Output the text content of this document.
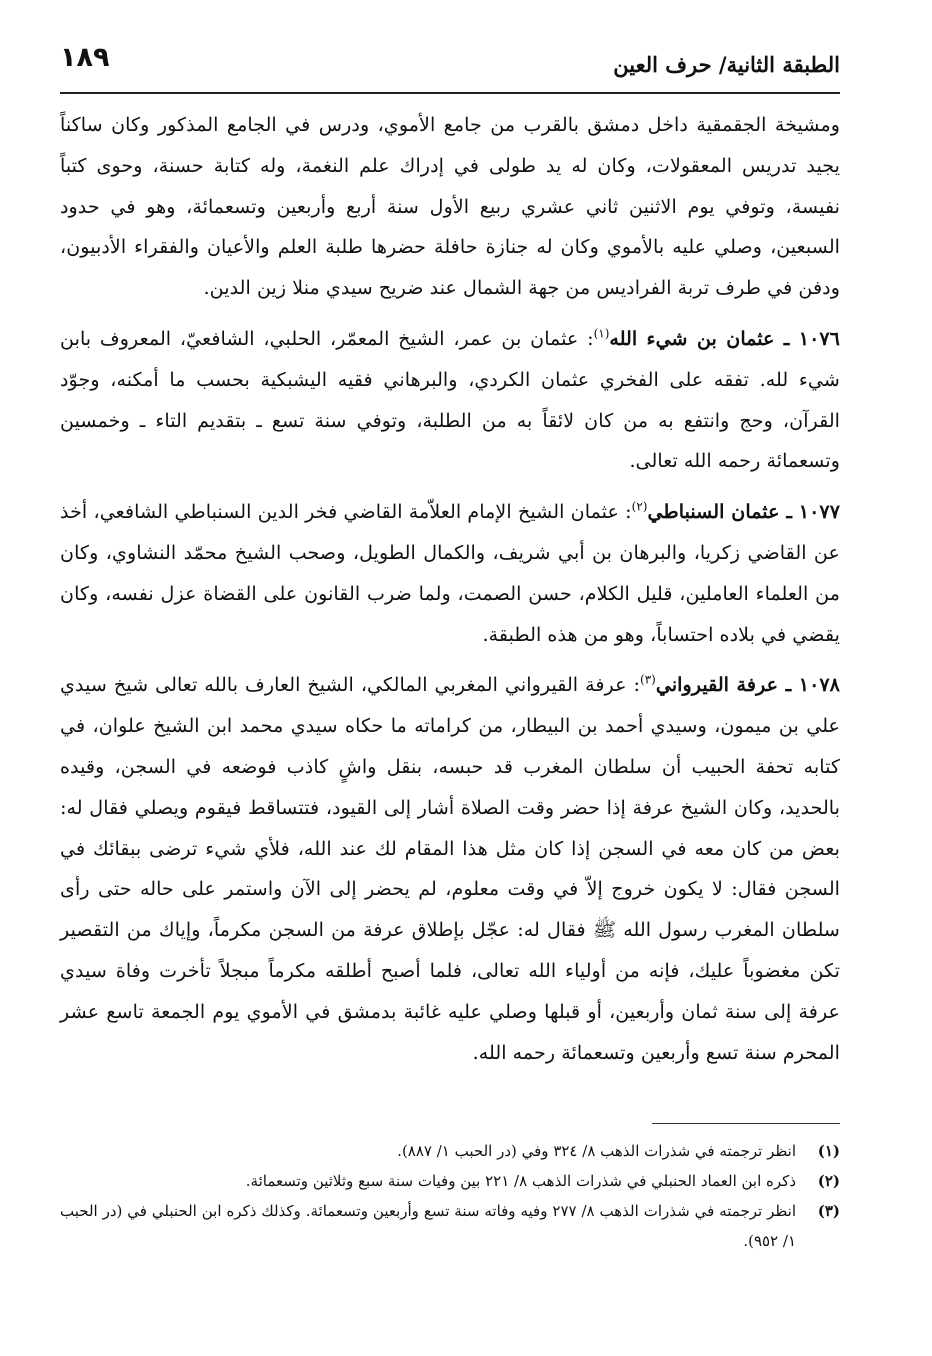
١٨٩	الطبقة الثانية/ حرف العين

ومشيخة الجقمقية داخل دمشق بالقرب من جامع الأموي، ودرس في الجامع المذكور وكان ساكناً يجيد تدريس المعقولات، وكان له يد طولى في إدراك علم النغمة، وله كتابة حسنة، وحوى كتباً نفيسة، وتوفي يوم الاثنين ثاني عشري ربيع الأول سنة أربع وأربعين وتسعمائة، وهو في حدود السبعين، وصلي عليه بالأموي وكان له جنازة حافلة حضرها طلبة العلم والأعيان والفقراء الأدبيون، ودفن في طرف تربة الفراديس من جهة الشمال عند ضريح سيدي منلا زين الدين.

١٠٧٦ ـ عثمان بن شيء الله$^{(١)}$: عثمان بن عمر، الشيخ المعمّر، الحلبي، الشافعيّ، المعروف بابن شيء لله. تفقه على الفخري عثمان الكردي، والبرهاني فقيه اليشبكية بحسب ما أمكنه، وجوّد القرآن، وحج وانتفع به من كان لائقاً به من الطلبة، وتوفي سنة تسع ـ بتقديم التاء ـ وخمسين وتسعمائة رحمه الله تعالى.

١٠٧٧ ـ عثمان السنباطي$^{(٢)}$: عثمان الشيخ الإمام العلاّمة القاضي فخر الدين السنباطي الشافعي، أخذ عن القاضي زكريا، والبرهان بن أبي شريف، والكمال الطويل، وصحب الشيخ محمّد النشاوي، وكان من العلماء العاملين، قليل الكلام، حسن الصمت، ولما ضرب القانون على القضاة عزل نفسه، وكان يقضي في بلاده احتساباً، وهو من هذه الطبقة.

١٠٧٨ ـ عرفة القيرواني$^{(٣)}$: عرفة القيرواني المغربي المالكي، الشيخ العارف بالله تعالى شيخ سيدي علي بن ميمون، وسيدي أحمد بن البيطار، من كراماته ما حكاه سيدي محمد ابن الشيخ علوان، في كتابه تحفة الحبيب أن سلطان المغرب قد حبسه، بنقل واشٍ كاذب فوضعه في السجن، وقيده بالحديد، وكان الشيخ عرفة إذا حضر وقت الصلاة أشار إلى القيود، فتتساقط فيقوم ويصلي فقال له: بعض من كان معه في السجن إذا كان مثل هذا المقام لك عند الله، فلأي شيء ترضى ببقائك في السجن فقال: لا يكون خروج إلاّ في وقت معلوم، لم يحضر إلى الآن واستمر على حاله حتى رأى سلطان المغرب رسول الله ﷺ فقال له: عجّل بإطلاق عرفة من السجن مكرماً، وإياك من التقصير تكن مغضوباً عليك، فإنه من أولياء الله تعالى، فلما أصبح أطلقه مكرماً مبجلاً تأخرت وفاة سيدي عرفة إلى سنة ثمان وأربعين، أو قبلها وصلي عليه غائبة بدمشق في الأموي يوم الجمعة تاسع عشر المحرم سنة تسع وأربعين وتسعمائة رحمه الله.

(١)
انظر ترجمته في شذرات الذهب ٨/ ٣٢٤ وفي (در الحبب ١/ ٨٨٧).

(٢)
ذكره ابن العماد الحنبلي في شذرات الذهب ٨/ ٢٢١ بين وفيات سنة سبع وثلاثين وتسعمائة.

(٣)
انظر ترجمته في شذرات الذهب ٨/ ٢٧٧ وفيه وفاته سنة تسع وأربعين وتسعمائة. وكذلك ذكره ابن الحنبلي في (در الحبب ١/ ٩٥٢).
